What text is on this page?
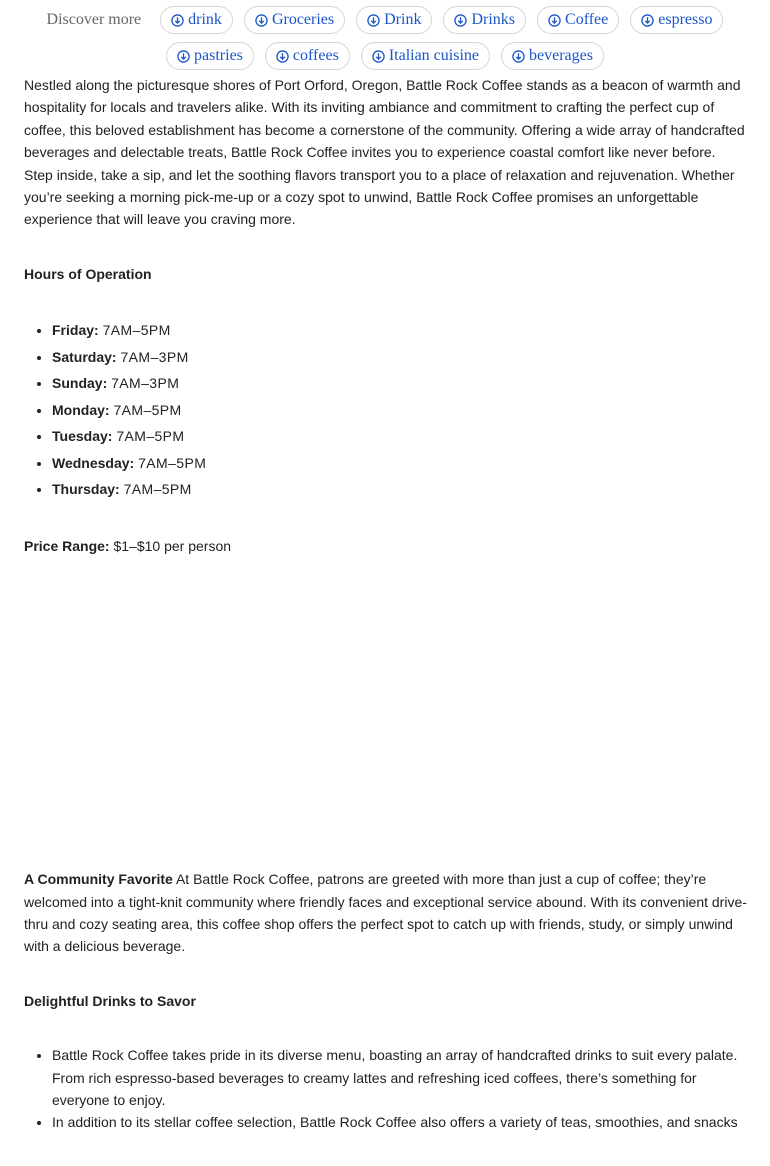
Discover more	drink	Groceries	Drink	Drinks	Coffee	espresso
pastries	coffees	Italian cuisine	beverages

Nestled along the picturesque shores of Port Orford, Oregon, Battle Rock Coffee stands as a beacon of warmth and hospitality for locals and travelers alike. With its inviting ambiance and commitment to crafting the perfect cup of coffee, this beloved establishment has become a cornerstone of the community. Offering a wide array of handcrafted beverages and delectable treats, Battle Rock Coffee invites you to experience coastal comfort like never before. Step inside, take a sip, and let the soothing flavors transport you to a place of relaxation and rejuvenation. Whether you’re seeking a morning pick-me-up or a cozy spot to unwind, Battle Rock Coffee promises an unforgettable experience that will leave you craving more.

Hours of Operation

• Friday: 7AM–5PM
• Saturday: 7AM–3PM
• Sunday: 7AM–3PM
• Monday: 7AM–5PM
• Tuesday: 7AM–5PM
• Wednesday: 7AM–5PM
• Thursday: 7AM–5PM

Price Range: $1–$10 per person

A Community Favorite At Battle Rock Coffee, patrons are greeted with more than just a cup of coffee; they’re welcomed into a tight-knit community where friendly faces and exceptional service abound. With its convenient drive-thru and cozy seating area, this coffee shop offers the perfect spot to catch up with friends, study, or simply unwind with a delicious beverage.

Delightful Drinks to Savor

• Battle Rock Coffee takes pride in its diverse menu, boasting an array of handcrafted drinks to suit every palate. From rich espresso-based beverages to creamy lattes and refreshing iced coffees, there’s something for everyone to enjoy.
• In addition to its stellar coffee selection, Battle Rock Coffee also offers a variety of teas, smoothies, and snacks
